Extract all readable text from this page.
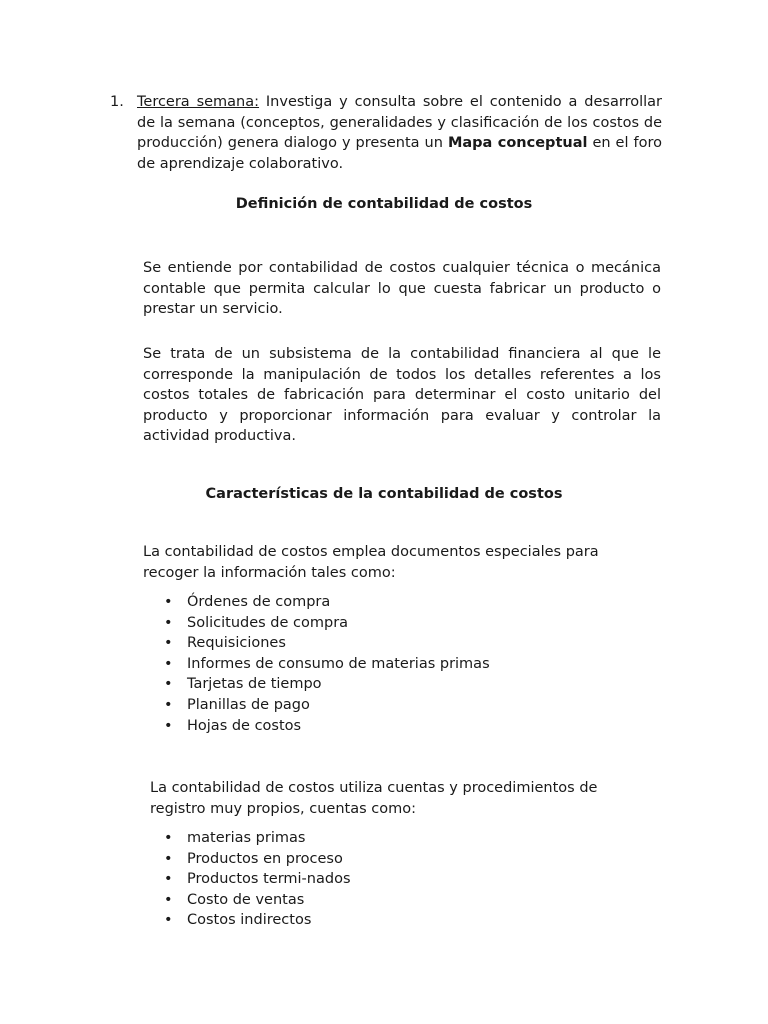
1. Tercera semana: Investiga y consulta sobre el contenido a desarrollar de la semana (conceptos, generalidades y clasificación de los costos de producción) genera dialogo y presenta un Mapa conceptual en el foro de aprendizaje colaborativo.
Definición de contabilidad de costos
Se entiende por contabilidad de costos cualquier técnica o mecánica contable que permita calcular lo que cuesta fabricar un producto o prestar un servicio.
Se trata de un subsistema de la contabilidad financiera al que le corresponde la manipulación de todos los detalles referentes a los costos totales de fabricación para determinar el costo unitario del producto y proporcionar información para evaluar y controlar la actividad productiva.
Características de la contabilidad de costos
La contabilidad de costos emplea documentos especiales para recoger la información tales como:
• Órdenes de compra
• Solicitudes de compra
• Requisiciones
• Informes de consumo de materias primas
• Tarjetas de tiempo
• Planillas de pago
• Hojas de costos
La contabilidad de costos utiliza cuentas y procedimientos de registro muy propios, cuentas como:
• materias primas
• Productos en proceso
• Productos termi-nados
• Costo de ventas
• Costos indirectos
